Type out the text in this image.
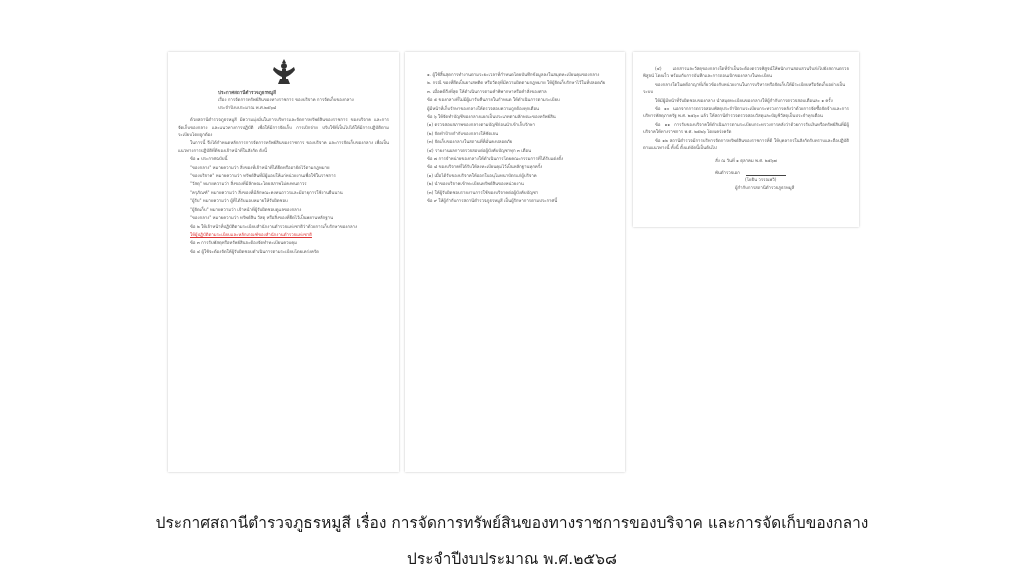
ประกาศสถานีตำรวจภูธรหมูสี
เรื่อง การจัดการทรัพย์สินของทางราชการ ของบริจาค การจัดเก็บของกลาง
ประจำปีงบประมาณ พ.ศ.๒๕๖๘

ด้วยสถานีตำรวจภูธรหมูสี มีความมุ่งมั่นในการบริหารและจัดการทรัพย์สินของราชการ ของบริจาค และการจัดเก็บของกลาง และแนวทางการปฏิบัติ เพื่อให้มีการจัดเก็บ การเบิกจ่าย ปรับใช้ที่เป็นไปได้ให้มีการปฏิบัติตามระเบียบโดยถูกต้อง

ในการนี้ จึงได้กำหนดหลักการการจัดการทรัพย์สินของราชการ ของบริจาค และการจัดเก็บของกลาง เพื่อเป็นแนวทางการปฏิบัติที่ดีของเจ้าหน้าที่ในสังกัด ดังนี้

ข้อ ๑ ประกาศฉบับนี้

"ของกลาง" หมายความว่า สิ่งของที่เจ้าหน้าที่ได้ยึดหรืออายัดไว้ตามกฎหมาย

"ของบริจาค" หมายความว่า ทรัพย์สินที่มีผู้มอบให้แก่หน่วยงานเพื่อใช้ในราชการ

"วัสดุ" หมายความว่า สิ่งของที่มีลักษณะโดยสภาพไม่คงทนถาวร

"ครุภัณฑ์" หมายความว่า สิ่งของที่มีลักษณะคงทนถาวรและมีอายุการใช้งานยืนนาน

"ผู้รับ" หมายความว่า ผู้ที่ได้รับมอบหมายให้รับผิดชอบ

"ผู้จัดเก็บ" หมายความว่า เจ้าหน้าที่ผู้รับผิดชอบดูแลของกลาง

"ของกลาง" หมายความว่า ทรัพย์สิน วัสดุ หรือสิ่งของที่ยึดไว้เป็นพยานหลักฐาน

ข้อ ๒ ให้เจ้าหน้าที่ปฏิบัติตามระเบียบสำนักงานตำรวจแห่งชาติว่าด้วยการเก็บรักษาของกลาง

ให้ผู้ปฏิบัติตามระเบียบและหลักเกณฑ์ของสำนักงานตำรวจแห่งชาติ

ข้อ ๓ การรับพัสดุหรือทรัพย์สินจะต้องจัดทำทะเบียนควบคุม

ข้อ ๔ ผู้ใช้จะต้องจัดให้ผู้รับผิดชอบดำเนินการตามระเบียบโดยเคร่งครัด

๑. ผู้ใช้สิ้นสุดการทำงานตามระยะเวลาที่กำหนดโดยบันทึกข้อมูลลงในสมุดทะเบียนคุมของกลาง

๒. กรณี ของที่ยึดเป็นยาเสพติด หรือวัตถุที่มีความผิดตามกฎหมาย ให้ผู้จัดเก็บรักษาไว้ในที่ปลอดภัย

๓. เมื่อคดีถึงที่สุด ให้ดำเนินการตามคำพิพากษาหรือคำสั่งของศาล

ข้อ ๕ ของกลางที่ไม่มีผู้มารับคืนภายในกำหนด ให้ดำเนินการตามระเบียบ

ผู้มีหน้าที่เก็บรักษาของกลางให้ตรวจสอบความถูกต้องทุกเดือน

ข้อ ๖ ให้จัดทำบัญชีของกลางแยกเป็นประเภทตามลักษณะของทรัพย์สิน

(๑) ตรวจสอบสภาพของกลางตามบัญชีก่อนนำเข้าเก็บรักษา

(๒) จัดทำป้ายกำกับของกลางให้ชัดเจน

(๓) จัดเก็บของกลางในสถานที่ที่มั่นคงปลอดภัย

(๔) รายงานผลการตรวจสอบต่อผู้บังคับบัญชาทุก ๓ เดือน

ข้อ ๗ การจำหน่ายของกลางให้ดำเนินการโดยคณะกรรมการที่ได้รับแต่งตั้ง

ข้อ ๘ ของบริจาคที่ได้รับให้ลงทะเบียนคุมไว้เป็นหลักฐานทุกครั้ง

(๑) เมื่อได้รับของบริจาคให้ออกใบอนุโมทนาบัตรแก่ผู้บริจาค

(๒) นำของบริจาคเข้าทะเบียนทรัพย์สินของหน่วยงาน

(๓) ให้ผู้รับผิดชอบรายงานการใช้ของบริจาคต่อผู้บังคับบัญชา

ข้อ ๙ ให้ผู้กำกับการสถานีตำรวจภูธรหมูสี เป็นผู้รักษาการตามประกาศนี้

(๔) เอกสารและวัสดุของกลางใดที่จำเป็นจะต้องตรวจพิสูจน์ให้พนักงานสอบสวนรีบส่งไปยังสถานตรวจพิสูจน์ โดยเร็ว พร้อมกับการบันทึกและการถอนเบิกของกลางในทะเบียน

ของกลางใดในคดีอาญาที่เกี่ยวข้องกับหน่วยงานในการบริหารหรือจัดเก็บให้มีระเบียบหรือจัดเก็บอย่างเป็นระบบ

ให้มีผู้มีหน้าที่รับผิดชอบของกลาง นำสมุดทะเบียนของกลางให้ผู้กำกับการตรวจสอบเดือนละ ๑ ครั้ง

ข้อ ๑๐ นอกจากการตรวจสอบพัสดุประจำปีตามระเบียบกระทรวงการคลังว่าด้วยการจัดซื้อจัดจ้างและการบริหารพัสดุภาครัฐ พ.ศ. ๒๕๖๐ แล้ว ให้สถานีตำรวจตรวจสอบวัสดุและบัญชีวัสดุเป็นประจำทุกเดือน

ข้อ ๑๑ การรับของบริจาคให้ดำเนินการตามระเบียบกระทรวงการคลังว่าด้วยการรับเงินหรือทรัพย์สินที่มีผู้บริจาคให้ทางราชการ พ.ศ. ๒๕๒๖ โดยเคร่งครัด

ข้อ ๑๒ สถานีตำรวจมีการบริหารจัดการทรัพย์สินของราชการที่ดี ให้บุคลากรในสังกัดรับทราบและถือปฏิบัติตามแนวทางนี้ ทั้งนี้ ตั้งแต่บัดนี้เป็นต้นไป

สั่ง ณ วันที่ ๑ ตุลาคม พ.ศ. ๒๕๖๗
พันตำรวจเอก
(โยธิน วรรณพวิ)
ผู้กำกับการสถานีตำรวจภูธรหมูสี
ประกาศสถานีตำรวจภูธรหมูสี เรื่อง การจัดการทรัพย์สินของทางราชการของบริจาค และการจัดเก็บของกลาง
ประจำปีงบประมาณ พ.ศ.๒๕๖๘
